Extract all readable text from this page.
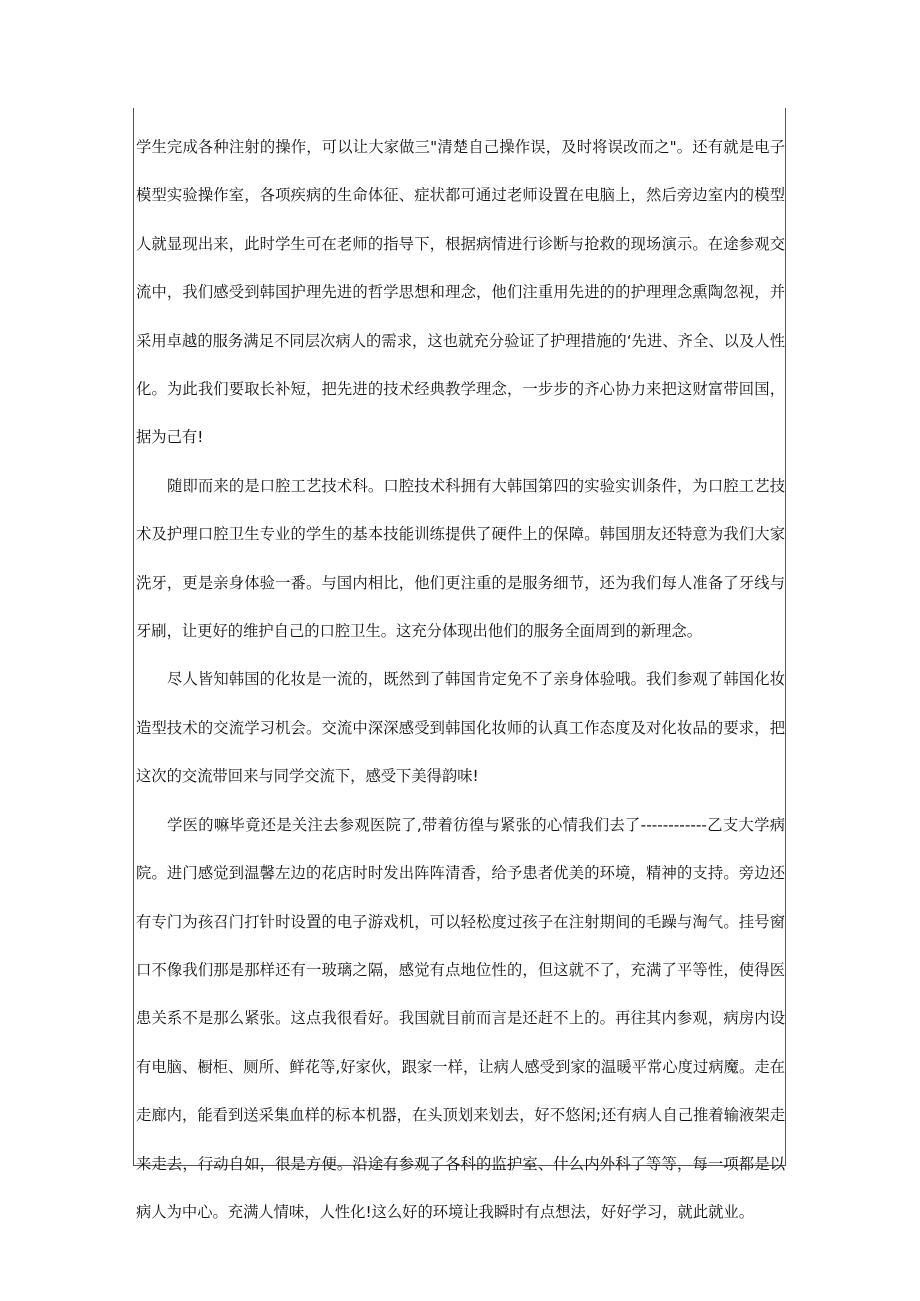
学生完成各种注射的操作，可以让大家做三"清楚自己操作误，及时将误改而之"。还有就是电子模型实验操作室，各项疾病的生命体征、症状都可通过老师设置在电脑上，然后旁边室内的模型人就显现出来，此时学生可在老师的指导下，根据病情进行诊断与抢救的现场演示。在途参观交流中，我们感受到韩国护理先进的哲学思想和理念，他们注重用先进的的护理理念熏陶忽视，并采用卓越的服务满足不同层次病人的需求，这也就充分验证了护理措施的‘先进、齐全、以及人性化。为此我们要取长补短，把先进的技术经典教学理念，一步步的齐心协力来把这财富带回国，据为己有!

随即而来的是口腔工艺技术科。口腔技术科拥有大韩国第四的实验实训条件，为口腔工艺技术及护理口腔卫生专业的学生的基本技能训练提供了硬件上的保障。韩国朋友还特意为我们大家洗牙，更是亲身体验一番。与国内相比，他们更注重的是服务细节，还为我们每人准备了牙线与牙刷，让更好的维护自己的口腔卫生。这充分体现出他们的服务全面周到的新理念。

尽人皆知韩国的化妆是一流的，既然到了韩国肯定免不了亲身体验哦。我们参观了韩国化妆造型技术的交流学习机会。交流中深深感受到韩国化妆师的认真工作态度及对化妆品的要求，把这次的交流带回来与同学交流下，感受下美得韵味!

学医的嘛毕竟还是关注去参观医院了,带着彷徨与紧张的心情我们去了------------乙支大学病院。进门感觉到温馨左边的花店时时发出阵阵清香，给予患者优美的环境，精神的支持。旁边还有专门为孩召门打针时设置的电子游戏机，可以轻松度过孩子在注射期间的毛躁与淘气。挂号窗口不像我们那是那样还有一玻璃之隔，感觉有点地位性的，但这就不了，充满了平等性，使得医患关系不是那么紧张。这点我很看好。我国就目前而言是还赶不上的。再往其内参观，病房内设有电脑、橱柜、厕所、鲜花等,好家伙，跟家一样，让病人感受到家的温暖平常心度过病魔。走在走廊内，能看到送采集血样的标本机器，在头顶划来划去，好不悠闲;还有病人自己推着输液架走来走去，行动自如，很是方便。沿途有参观了各科的监护室、什么内外科了等等，每一项都是以病人为中心。充满人情味，人性化!这么好的环境让我瞬时有点想法，好好学习，就此就业。
